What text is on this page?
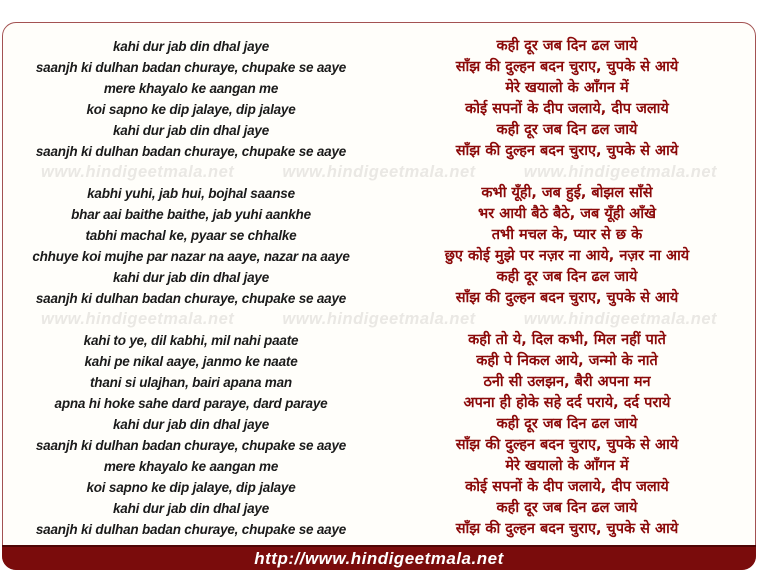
kahi dur jab din dhal jaye	कही दूर जब दिन ढल जाये
saanjh ki dulhan badan churaye, chupake se aaye	साँझ की दुल्हन बदन चुराए, चुपके से आये
mere khayalo ke aangan me	मेरे खयालो के आँगन में
koi sapno ke dip jalaye, dip jalaye	कोई सपनों के दीप जलाये, दीप जलाये
kahi dur jab din dhal jaye	कही दूर जब दिन ढल जाये
saanjh ki dulhan badan churaye, chupake se aaye	साँझ की दुल्हन बदन चुराए, चुपके से आये
www.hindigeetmala.net	www.hindigeetmala.net	www.hindigeetmala.net
kabhi yuhi, jab hui, bojhal saanse	कभी यूँही, जब हुई, बोझल साँसे
bhar aai baithe baithe, jab yuhi aankhe	भर आयी बैठे बैठे, जब यूँही आँखे
tabhi machal ke, pyaar se chhalke	तभी मचल के, प्यार से छ के
chhuye koi mujhe par nazar na aaye, nazar na aaye	छुए कोई मुझे पर नज़र ना आये, नज़र ना आये
kahi dur jab din dhal jaye	कही दूर जब दिन ढल जाये
saanjh ki dulhan badan churaye, chupake se aaye	साँझ की दुल्हन बदन चुराए, चुपके से आये
www.hindigeetmala.net	www.hindigeetmala.net	www.hindigeetmala.net
kahi to ye, dil kabhi, mil nahi paate	कही तो ये, दिल कभी, मिल नहीं पाते
kahi pe nikal aaye, janmo ke naate	कही पे निकल आये, जन्मो के नाते
thani si ulajhan, bairi apana man	ठनी सी उलझन, बैरी अपना मन
apna hi hoke sahe dard paraye, dard paraye	अपना ही होके सहे दर्द पराये, दर्द पराये
kahi dur jab din dhal jaye	कही दूर जब दिन ढल जाये
saanjh ki dulhan badan churaye, chupake se aaye	साँझ की दुल्हन बदन चुराए, चुपके से आये
mere khayalo ke aangan me	मेरे खयालो के आँगन में
koi sapno ke dip jalaye, dip jalaye	कोई सपनों के दीप जलाये, दीप जलाये
kahi dur jab din dhal jaye	कही दूर जब दिन ढल जाये
saanjh ki dulhan badan churaye, chupake se aaye	साँझ की दुल्हन बदन चुराए, चुपके से आये
http://www.hindigeetmala.net
